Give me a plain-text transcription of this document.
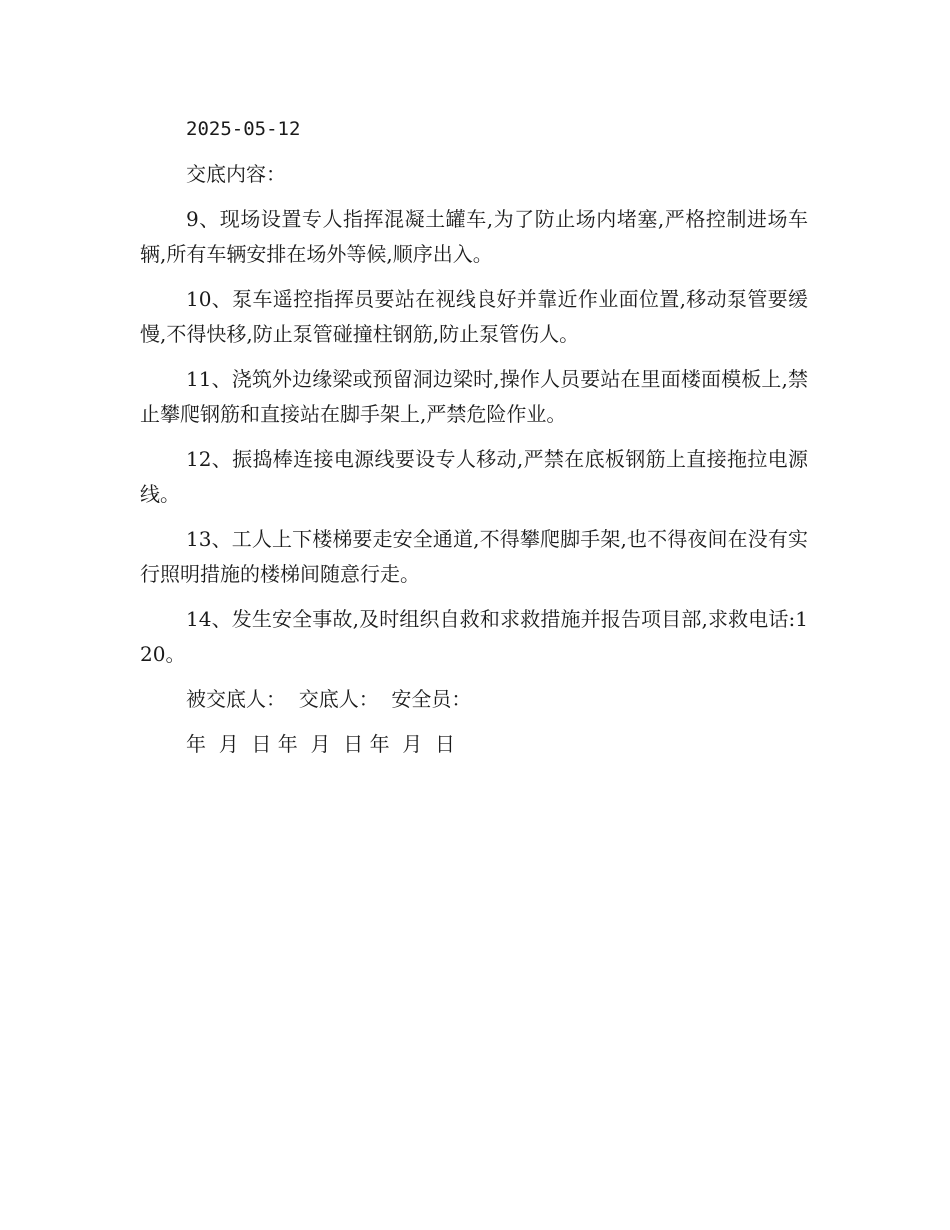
2025-05-12

交底内容：

9、现场设置专人指挥混凝土罐车,为了防止场内堵塞,严格控制进场车辆,所有车辆安排在场外等候,顺序出入。

10、泵车遥控指挥员要站在视线良好并靠近作业面位置,移动泵管要缓慢,不得快移,防止泵管碰撞柱钢筋,防止泵管伤人。

11、浇筑外边缘梁或预留洞边梁时,操作人员要站在里面楼面模板上,禁止攀爬钢筋和直接站在脚手架上,严禁危险作业。

12、振捣棒连接电源线要设专人移动,严禁在底板钢筋上直接拖拉电源线。

13、工人上下楼梯要走安全通道,不得攀爬脚手架,也不得夜间在没有实行照明措施的楼梯间随意行走。

14、发生安全事故,及时组织自救和求救措施并报告项目部,求救电话:120。

被交底人：  交底人：  安全员：

年  月  日 年  月  日 年  月  日
